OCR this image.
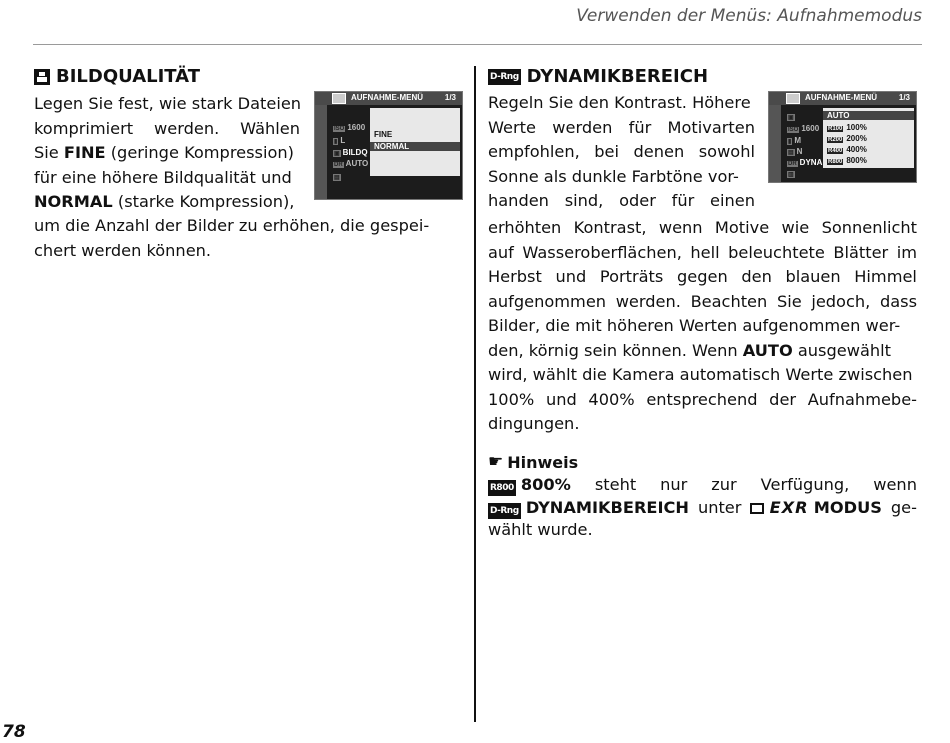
Verwenden der Menüs: Aufnahmemodus
78
BILDQUALITÄT
Legen Sie fest, wie stark Dateien
komprimiert werden. Wählen
Sie FINE (geringe Kompression)
für eine höhere Bildqualität und
NORMAL (starke Kompression),
um die Anzahl der Bilder zu erhöhen, die gespei-
chert werden können.
AUFNAHME-MENÜ	1/3
ISO 1600
▮ L
▣ BILDQ
DR AUTO
▤
FINE
NORMAL
D-Rng DYNAMIKBEREICH
Regeln Sie den Kontrast. Höhere
Werte werden für Motivarten
empfohlen, bei denen sowohl
Sonne als dunkle Farbtöne vor-
handen sind, oder für einen
erhöhten Kontrast, wenn Motive wie Sonnenlicht
auf Wasseroberflächen, hell beleuchtete Blätter im
Herbst und Porträts gegen den blauen Himmel
aufgenommen werden. Beachten Sie jedoch, dass
Bilder, die mit höheren Werten aufgenommen wer-
den, körnig sein können. Wenn AUTO ausgewählt
wird, wählt die Kamera automatisch Werte zwischen
100% und 400% entsprechend der Aufnahmebe-
dingungen.
AUFNAHME-MENÜ	1/3
▣
ISO 1600
▮ M
▤ N
DR DYNA
▥
AUTO
R100 100%
R200 200%
R400 400%
R800 800%
☛ Hinweis
R800 800% steht nur zur Verfügung, wenn
D-Rng DYNAMIKBEREICH unter	EXR MODUS ge-
wählt wurde.
